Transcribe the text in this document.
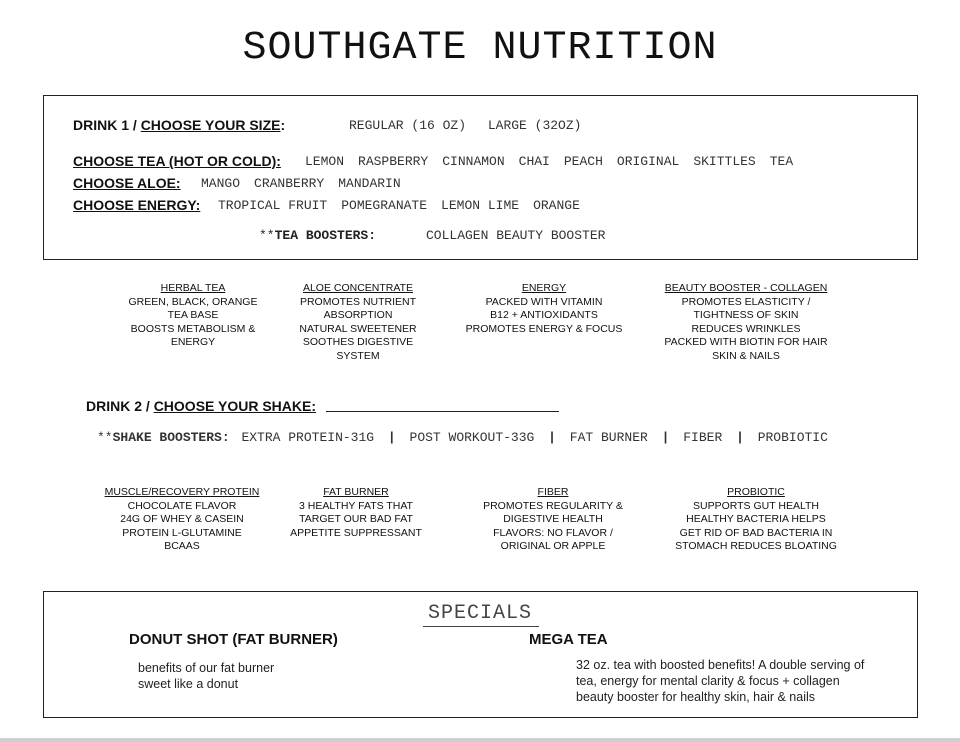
SOUTHGATE NUTRITION
DRINK 1 / CHOOSE YOUR SIZE:	REGULAR (16 OZ) LARGE (32OZ)
CHOOSE TEA (HOT OR COLD): LEMON RASPBERRY CINNAMON CHAI PEACH ORIGINAL SKITTLES TEA
CHOOSE ALOE: MANGO CRANBERRY MANDARIN
CHOOSE ENERGY: TROPICAL FRUIT POMEGRANATE LEMON LIME ORANGE
**TEA BOOSTERS:	COLLAGEN BEAUTY BOOSTER
HERBAL TEA
GREEN, BLACK, ORANGE
TEA BASE
BOOSTS METABOLISM &
ENERGY
ALOE CONCENTRATE
PROMOTES NUTRIENT
ABSORPTION
NATURAL SWEETENER
SOOTHES DIGESTIVE
SYSTEM
ENERGY
PACKED WITH VITAMIN
B12 + ANTIOXIDANTS
PROMOTES ENERGY & FOCUS
BEAUTY BOOSTER - COLLAGEN
PROMOTES ELASTICITY /
TIGHTNESS OF SKIN
REDUCES WRINKLES
PACKED WITH BIOTIN FOR HAIR
SKIN & NAILS
DRINK 2 / CHOOSE YOUR SHAKE:
**SHAKE BOOSTERS: EXTRA PROTEIN-31G | POST WORKOUT-33G | FAT BURNER | FIBER | PROBIOTIC
MUSCLE/RECOVERY PROTEIN
CHOCOLATE FLAVOR
24G OF WHEY & CASEIN
PROTEIN L-GLUTAMINE
BCAAS
FAT BURNER
3 HEALTHY FATS THAT
TARGET OUR BAD FAT
APPETITE SUPPRESSANT
FIBER
PROMOTES REGULARITY &
DIGESTIVE HEALTH
FLAVORS: NO FLAVOR /
ORIGINAL OR APPLE
PROBIOTIC
SUPPORTS GUT HEALTH
HEALTHY BACTERIA HELPS
GET RID OF BAD BACTERIA IN
STOMACH REDUCES BLOATING
SPECIALS
DONUT SHOT (FAT BURNER)
benefits of our fat burner
sweet like a donut
MEGA TEA
32 oz. tea with boosted benefits! A double serving of
tea, energy for mental clarity & focus + collagen
beauty booster for healthy skin, hair & nails
